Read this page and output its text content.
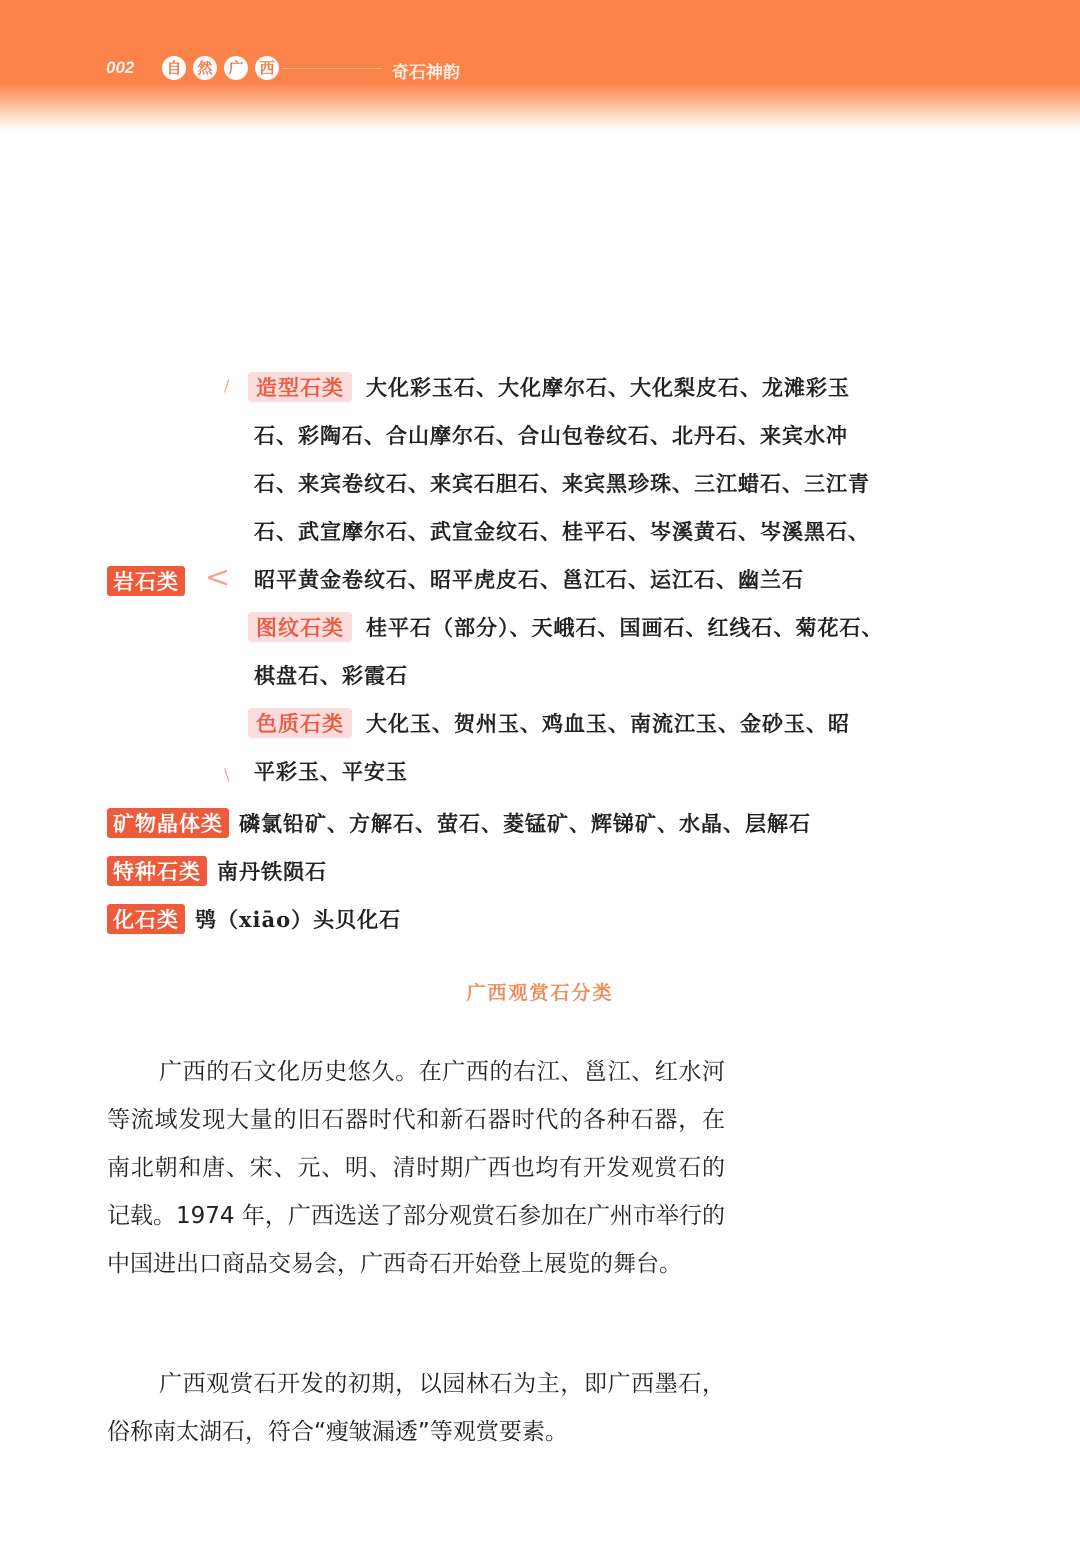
002 自	然	广	西	奇石神韵
/
<
\
造型石类 大化彩玉石、大化摩尔石、大化梨皮石、龙滩彩玉
石、彩陶石、合山摩尔石、合山包卷纹石、北丹石、来宾水冲
石、来宾卷纹石、来宾石胆石、来宾黑珍珠、三江蜡石、三江青
石、武宣摩尔石、武宣金纹石、桂平石、岑溪黄石、岑溪黑石、
昭平黄金卷纹石、昭平虎皮石、邕江石、运江石、幽兰石
岩石类
图纹石类 桂平石（部分）、天峨石、国画石、红线石、菊花石、
棋盘石、彩霞石
色质石类 大化玉、贺州玉、鸡血玉、南流江玉、金砂玉、昭
平彩玉、平安玉
矿物晶体类 磷氯铅矿、方解石、萤石、菱锰矿、辉锑矿、水晶、层解石
特种石类 南丹铁陨石
化石类 鸮（xiāo）头贝化石
广西观赏石分类

广西的石文化历史悠久。在广西的右江、邕江、红水河等流域发现大量的旧石器时代和新石器时代的各种石器，在南北朝和唐、宋、元、明、清时期广西也均有开发观赏石的记载。1974 年，广西选送了部分观赏石参加在广州市举行的中国进出口商品交易会，广西奇石开始登上展览的舞台。

广西观赏石开发的初期，以园林石为主，即广西墨石，俗称南太湖石，符合“瘦皱漏透”等观赏要素。
